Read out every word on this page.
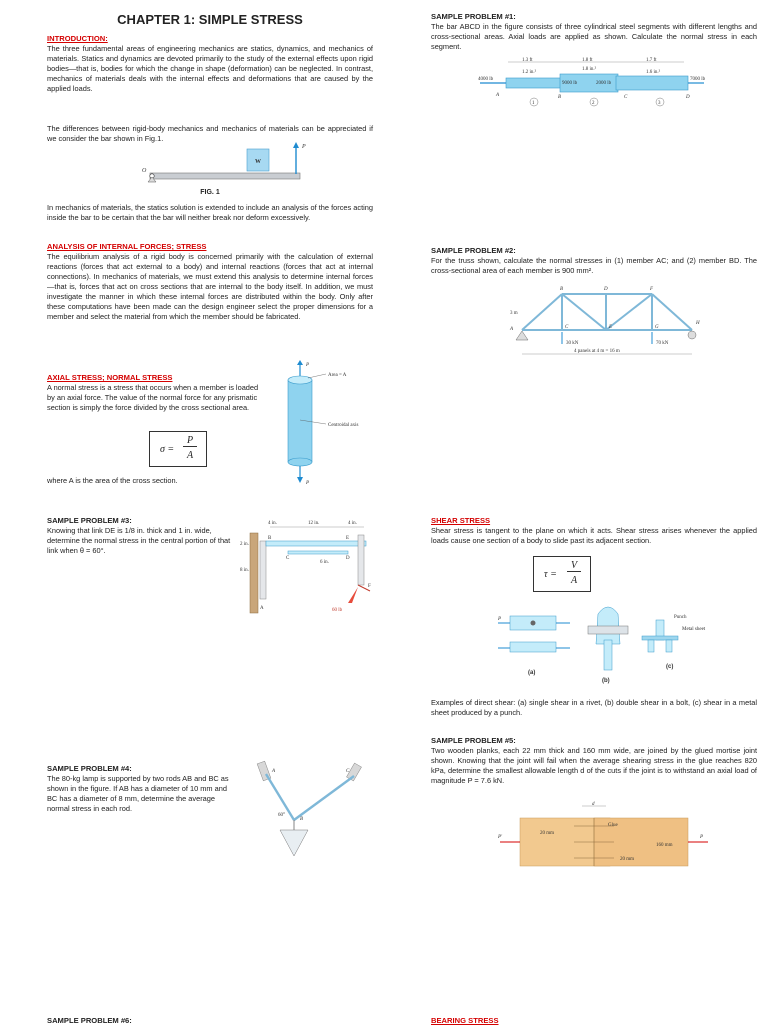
CHAPTER 1: SIMPLE STRESS
INTRODUCTION:

The three fundamental areas of engineering mechanics are statics, dynamics, and mechanics of materials. Statics and dynamics are devoted primarily to the study of the external effects upon rigid bodies—that is, bodies for which the change in shape (deformation) can be neglected. In contrast, mechanics of materials deals with the internal effects and deformations that are caused by the applied loads.

The differences between rigid-body mechanics and mechanics of materials can be appreciated if we consider the bar shown in Fig.1.

W
O
P
FIG. 1

In mechanics of materials, the statics solution is extended to include an analysis of the forces acting inside the bar to be certain that the bar will neither break nor deform excessively.

ANALYSIS OF INTERNAL FORCES; STRESS

The equilibrium analysis of a rigid body is concerned primarily with the calculation of external reactions (forces that act external to a body) and internal reactions (forces that act at internal connections). In mechanics of materials, we must extend this analysis to determine internal forces—that is, forces that act on cross sections that are internal to the body itself. In addition, we must investigate the manner in which these internal forces are distributed within the body. Only after these computations have been made can the design engineer select the proper dimensions for a member and select the material from which the member should be fabricated.

AXIAL STRESS; NORMAL STRESS

A normal stress is a stress that occurs when a member is loaded by an axial force. The value of the normal force for any prismatic section is simply the force divided by the cross sectional area.

σ =
P
A

where A is the area of the cross section.

Area = A
Centroidal axis
P
P
SAMPLE PROBLEM #3:

Knowing that link DE is 1/8 in. thick and 1 in. wide, determine the normal stress in the central portion of that link when θ = 60°.

4 in.	12 in.	4 in.
2 in.
8 in.
6 in.
B
C	D
E
A
F
60 lb
SAMPLE PROBLEM #4:

The 80-kg lamp is supported by two rods AB and BC as shown in the figure. If AB has a diameter of 10 mm and BC has a diameter of 8 mm, determine the average normal stress in each rod.

A
B
C
60°
SAMPLE PROBLEM #6:
SAMPLE PROBLEM #1:

The bar ABCD in the figure consists of three cylindrical steel segments with different lengths and cross-sectional areas. Axial loads are applied as shown. Calculate the normal stress in each segment.

1.3 ft	1.8 ft	1.7 ft
1.2 in.²
1.8 in.²
1.6 in.²
4000 lb
9000 lb	2000 lb
7000 lb
A	B	C	D
1	2	3
SAMPLE PROBLEM #2:

For the truss shown, calculate the normal stresses in (1) member AC; and (2) member BD. The cross-sectional area of each member is 900 mm².

B	D	F
A	C	E	G
H
3 m
30 kN	70 kN
4 panels at 4 m = 16 m
SHEAR STRESS

Shear stress is tangent to the plane on which it acts. Shear stress arises whenever the applied loads cause one section of a body to slide past its adjacent section.

τ =
V
A
(a)
(b)
(c)
P	Punch
Metal sheet

Examples of direct shear: (a) single shear in a rivet, (b) double shear in a bolt, (c) shear in a metal sheet produced by a punch.

SAMPLE PROBLEM #5:

Two wooden planks, each 22 mm thick and 160 mm wide, are joined by the glued mortise joint shown. Knowing that the joint will fail when the average shearing stress in the glue reaches 820 kPa, determine the smallest allowable length d of the cuts if the joint is to withstand an axial load of magnitude P = 7.6 kN.

d
Glue
20 mm
160 mm
20 mm
P
P'
BEARING STRESS
